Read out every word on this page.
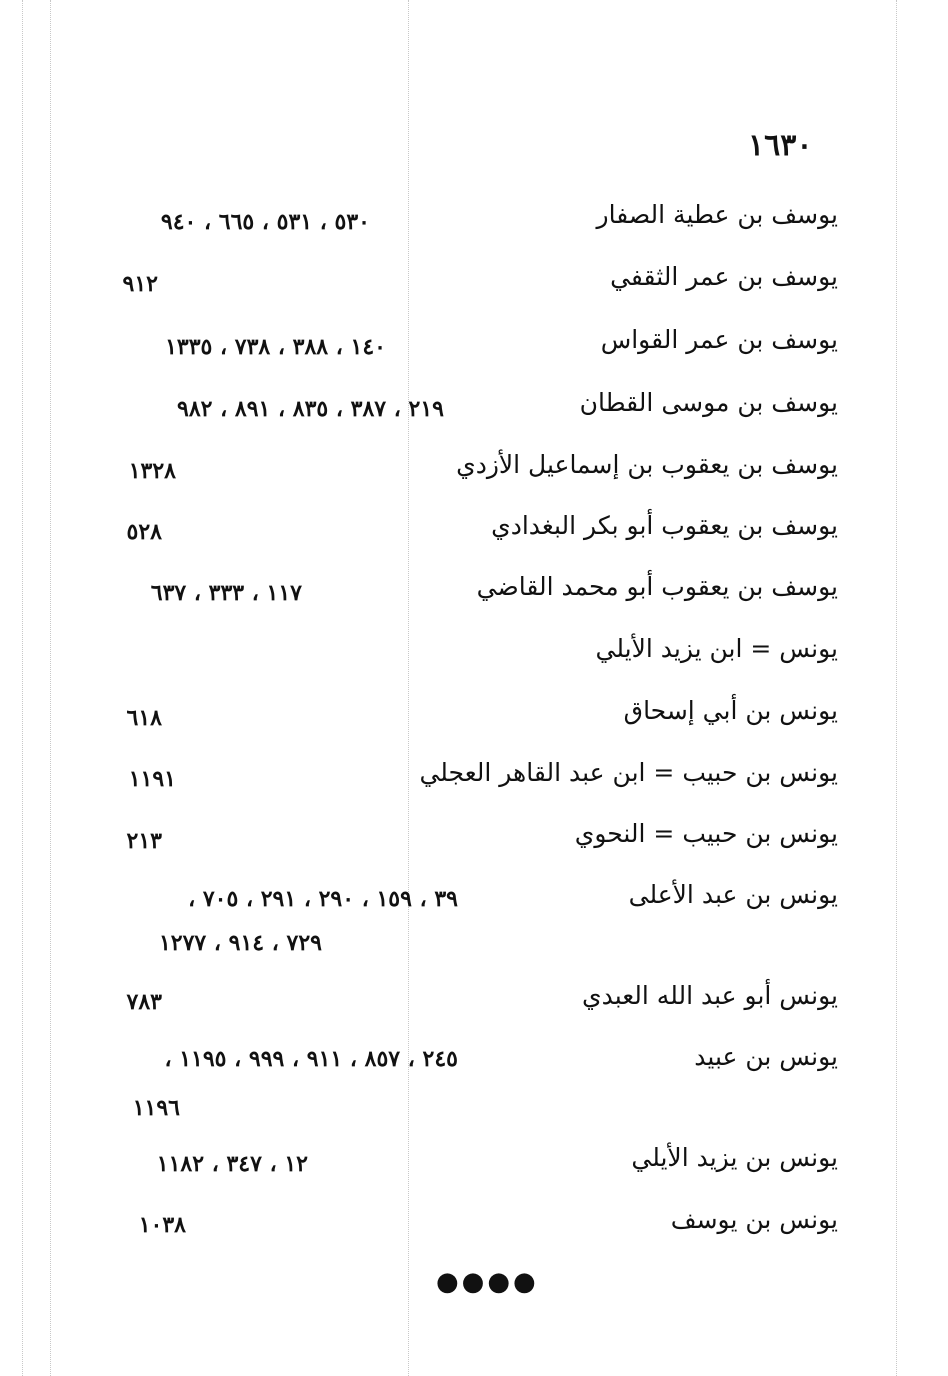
١٦٣٠
يوسف بن عطية الصفار
٥٣٠ ، ٥٣١ ، ٦٦٥ ، ٩٤٠
يوسف بن عمر الثقفي
٩١٢
يوسف بن عمر القواس
١٤٠ ، ٣٨٨ ، ٧٣٨ ، ١٣٣٥
يوسف بن موسى القطان
٢١٩ ، ٣٨٧ ، ٨٣٥ ، ٨٩١ ، ٩٨٢
يوسف بن يعقوب بن إسماعيل الأزدي
١٣٢٨
يوسف بن يعقوب أبو بكر البغدادي
٥٢٨
يوسف بن يعقوب أبو محمد القاضي
١١٧ ، ٣٣٣ ، ٦٣٧
يونس = ابن يزيد الأيلي
يونس بن أبي إسحاق
٦١٨
يونس بن حبيب = ابن عبد القاهر العجلي
١١٩١
يونس بن حبيب = النحوي
٢١٣
يونس بن عبد الأعلى
٣٩ ، ١٥٩ ، ٢٩٠ ، ٢٩١ ، ٧٠٥ ،
٧٢٩ ، ٩١٤ ، ١٢٧٧
يونس أبو عبد الله العبدي
٧٨٣
يونس بن عبيد
٢٤٥ ، ٨٥٧ ، ٩١١ ، ٩٩٩ ، ١١٩٥ ،
١١٩٦
يونس بن يزيد الأيلي
١٢ ، ٣٤٧ ، ١١٨٢
يونس بن يوسف
١٠٣٨
●●●●
